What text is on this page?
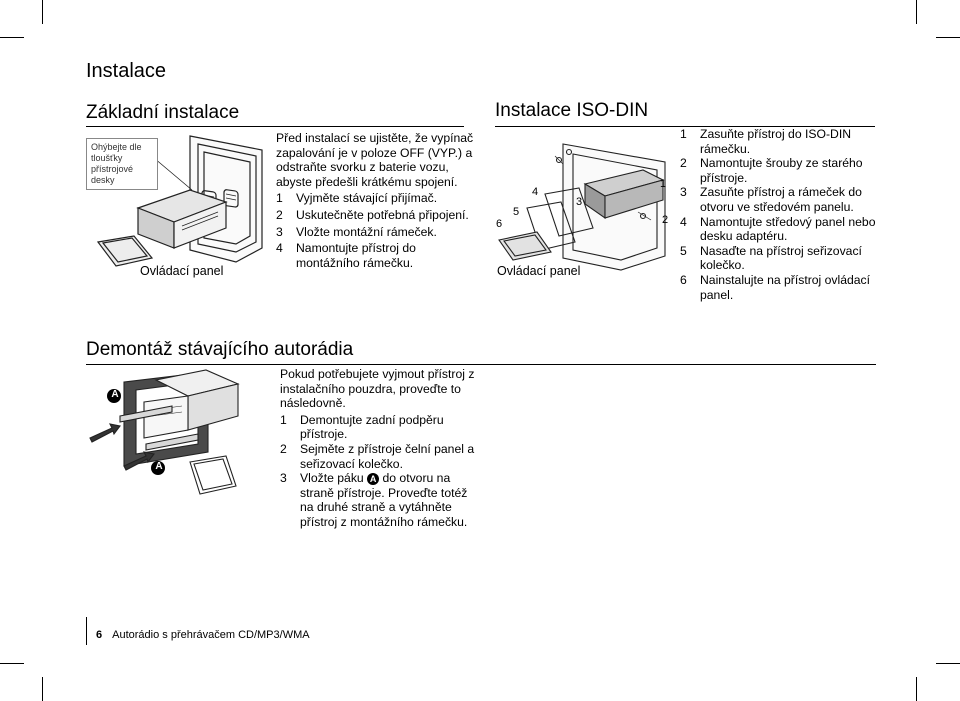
Instalace
Základní instalace
Ohýbejte dle tloušťky přístrojové desky
Ovládací panel
Před instalací se ujistěte, že vypínač zapalování je v poloze OFF (VYP.) a odstraňte svorku z baterie vozu, abyste předešli krátkému spojení.
1 Vyjměte stávající přijímač.
2 Uskutečněte potřebná připojení.
3 Vložte montážní rámeček.
4 Namontujte přístroj do montážního rámečku.
Instalace ISO-DIN
1
2
3
4
5
6
Ovládací panel
1 Zasuňte přístroj do ISO-DIN rámečku.
2 Namontujte šrouby ze starého přístroje.
3 Zasuňte přístroj a rámeček do otvoru ve středovém panelu.
4 Namontujte středový panel nebo desku adaptéru.
5 Nasaďte na přístroj seřizovací kolečko.
6 Nainstalujte na přístroj ovládací panel.
Demontáž stávajícího autorádia
A
A
Pokud potřebujete vyjmout přístroj z instalačního pouzdra, proveďte to následovně.
1 Demontujte zadní podpěru přístroje.
2 Sejměte z přístroje čelní panel a seřizovací kolečko.
3 Vložte páku A do otvoru na straně přístroje. Proveďte totéž na druhé straně a vytáhněte přístroj z montážního rámečku.
6 Autorádio s přehrávačem CD/MP3/WMA
